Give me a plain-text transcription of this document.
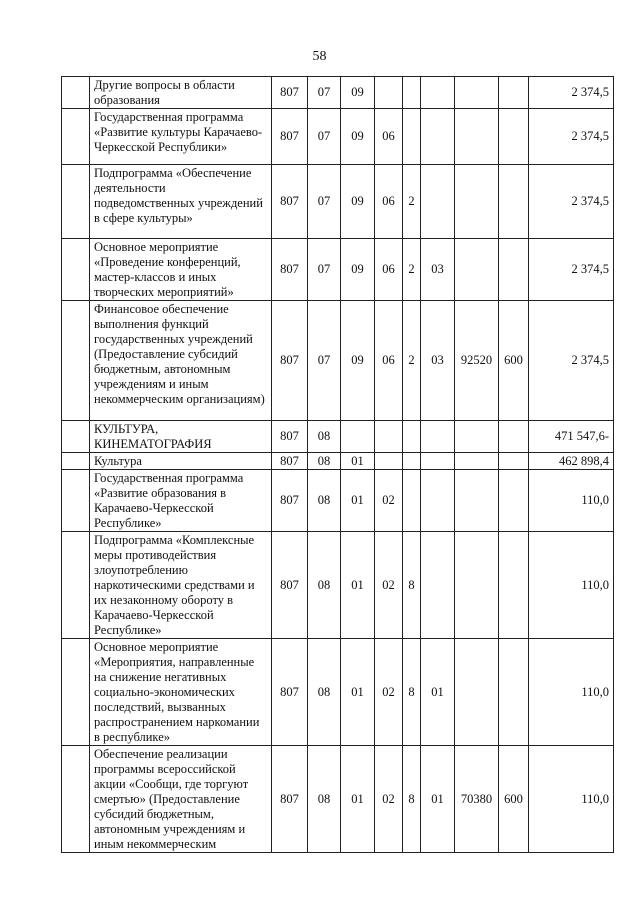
58
	Другие вопросы в области образования	807	07	09						2 374,5
	Государственная программа «Развитие культуры Карачаево-Черкесской Республики»	807	07	09	06					2 374,5
	Подпрограмма «Обеспечение деятельности подведомственных учреждений в сфере культуры»	807	07	09	06	2				2 374,5
	Основное мероприятие «Проведение конференций, мастер-классов и иных творческих мероприятий»	807	07	09	06	2	03			2 374,5
	Финансовое обеспечение выполнения функций государственных учреждений (Предоставление субсидий бюджетным, автономным учреждениям и иным некоммерческим организациям)	807	07	09	06	2	03	92520	600	2 374,5
	КУЛЬТУРА, КИНЕМАТОГРАФИЯ	807	08							471 547,6-
	Культура	807	08	01						462 898,4
	Государственная программа «Развитие образования в Карачаево-Черкесской Республике»	807	08	01	02					110,0
	Подпрограмма «Комплексные меры противодействия злоупотреблению наркотическими средствами и их незаконному обороту в Карачаево-Черкесской Республике»	807	08	01	02	8				110,0
	Основное мероприятие «Мероприятия, направленные на снижение негативных социально-экономических последствий, вызванных распространением наркомании в республике»	807	08	01	02	8	01			110,0
	Обеспечение реализации программы всероссийской акции «Сообщи, где торгуют смертью» (Предоставление субсидий бюджетным, автономным учреждениям и иным некоммерческим	807	08	01	02	8	01	70380	600	110,0
